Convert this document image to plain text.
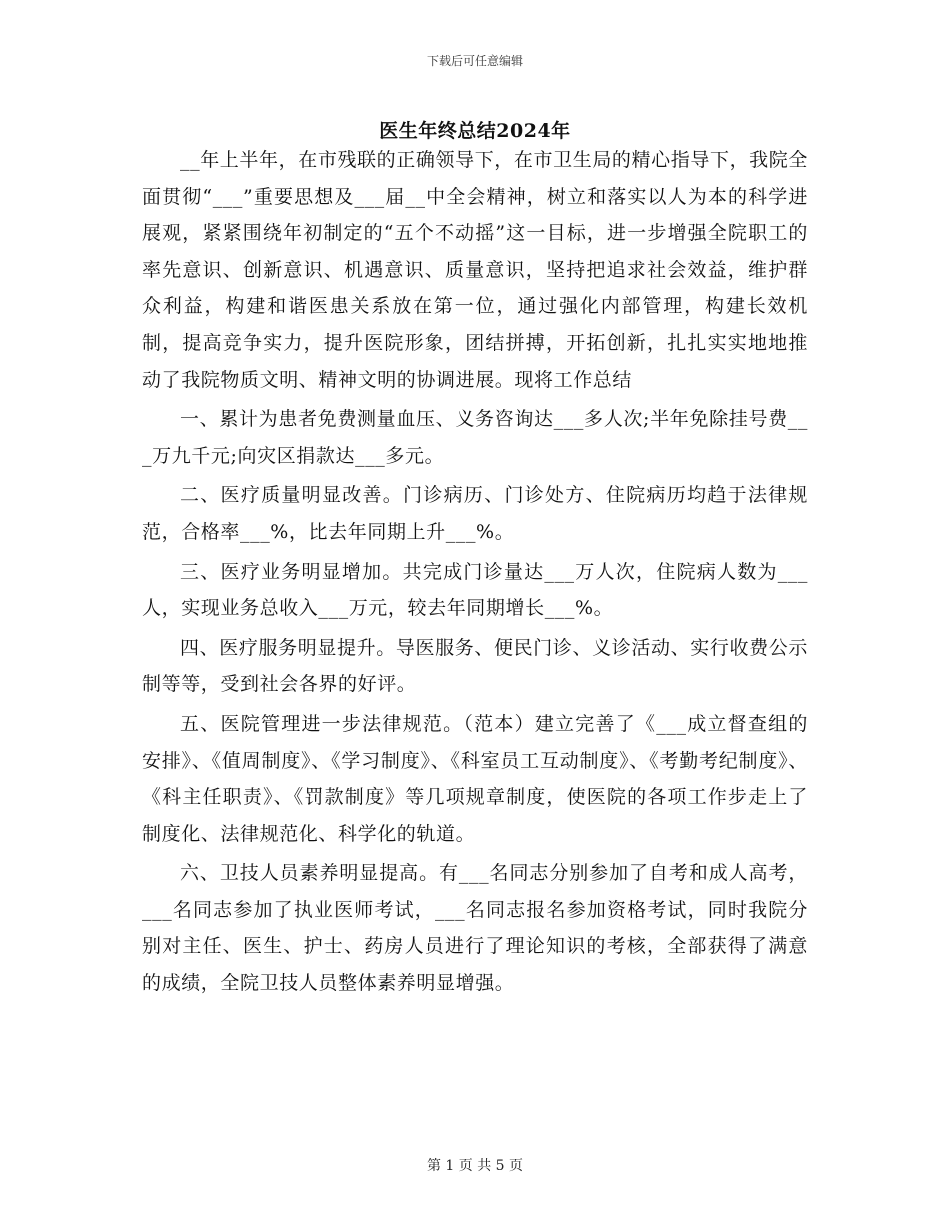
下载后可任意编辑
医生年终总结2024年

__年上半年，在市残联的正确领导下，在市卫生局的精心指导下，我院全面贯彻“___”重要思想及___届__中全会精神，树立和落实以人为本的科学进展观，紧紧围绕年初制定的“五个不动摇”这一目标，进一步增强全院职工的率先意识、创新意识、机遇意识、质量意识，坚持把追求社会效益，维护群众利益，构建和谐医患关系放在第一位，通过强化内部管理，构建长效机制，提高竞争实力，提升医院形象，团结拼搏，开拓创新，扎扎实实地地推动了我院物质文明、精神文明的协调进展。现将工作总结

一、累计为患者免费测量血压、义务咨询达___多人次;半年免除挂号费___万九千元;向灾区捐款达___多元。

二、医疗质量明显改善。门诊病历、门诊处方、住院病历均趋于法律规范，合格率___%，比去年同期上升___%。

三、医疗业务明显增加。共完成门诊量达___万人次，住院病人数为___人，实现业务总收入___万元，较去年同期增长___%。

四、医疗服务明显提升。导医服务、便民门诊、义诊活动、实行收费公示制等等，受到社会各界的好评。

五、医院管理进一步法律规范。（范本）建立完善了《___成立督查组的安排》、《值周制度》、《学习制度》、《科室员工互动制度》、《考勤考纪制度》、《科主任职责》、《罚款制度》等几项规章制度，使医院的各项工作步走上了制度化、法律规范化、科学化的轨道。

六、卫技人员素养明显提高。有___名同志分别参加了自考和成人高考，___名同志参加了执业医师考试，___名同志报名参加资格考试，同时我院分别对主任、医生、护士、药房人员进行了理论知识的考核，全部获得了满意的成绩，全院卫技人员整体素养明显增强。

第 1 页 共 5 页
